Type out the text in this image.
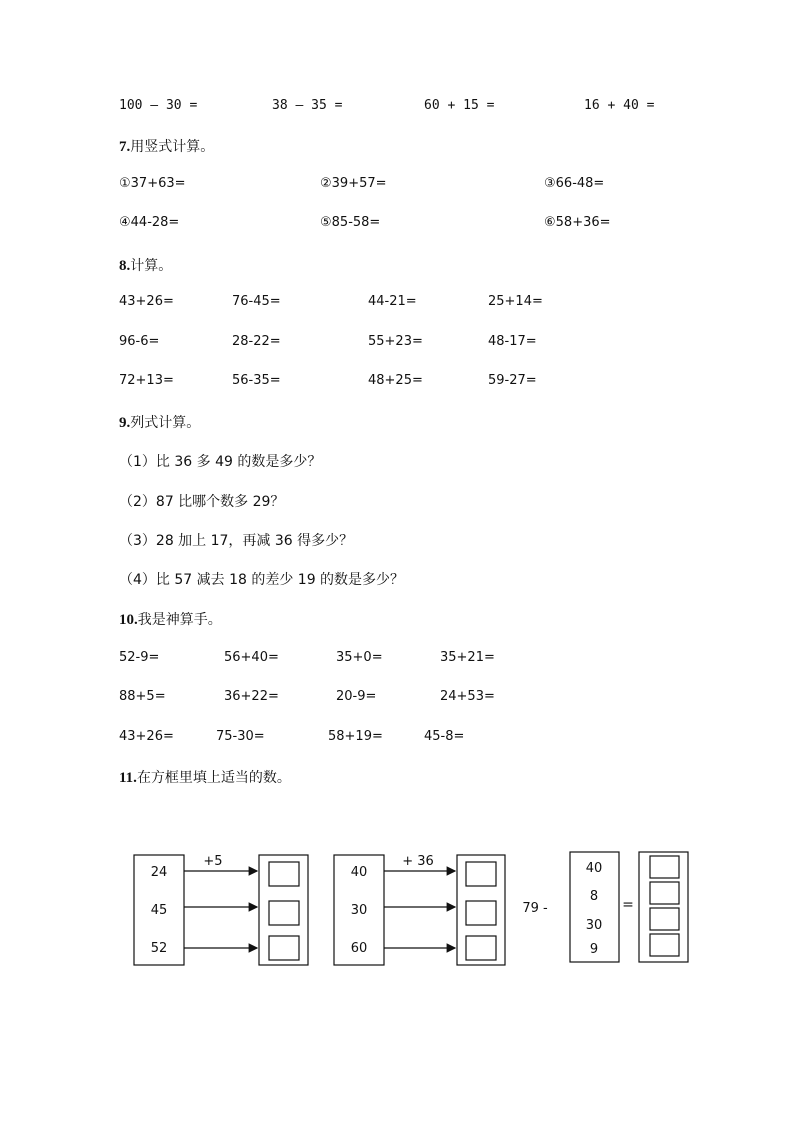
100 – 30 =	38 – 35 =	60 + 15 =	16 + 40 =
7.用竖式计算。
①37+63=	②39+57=	③66-48=
④44-28=	⑤85-58=	⑥58+36=
8.计算。
43+26=	76-45=	44-21=	25+14=
96-6=	28-22=	55+23=	48-17=
72+13=	56-35=	48+25=	59-27=
9.列式计算。
（1）比 36 多 49 的数是多少？
（2）87 比哪个数多 29？
（3）28 加上 17，再减 36 得多少？
（4）比 57 减去 18 的差少 19 的数是多少？
10.我是神算手。
52-9=	56+40=	35+0=	35+21=
88+5=	36+22=	20-9=	24+53=
43+26=	75-30=	58+19=	45-8=
11.在方框里填上适当的数。
24
45
52
+5
40
30
60
+ 36
79 -
40
8
30
9
=
